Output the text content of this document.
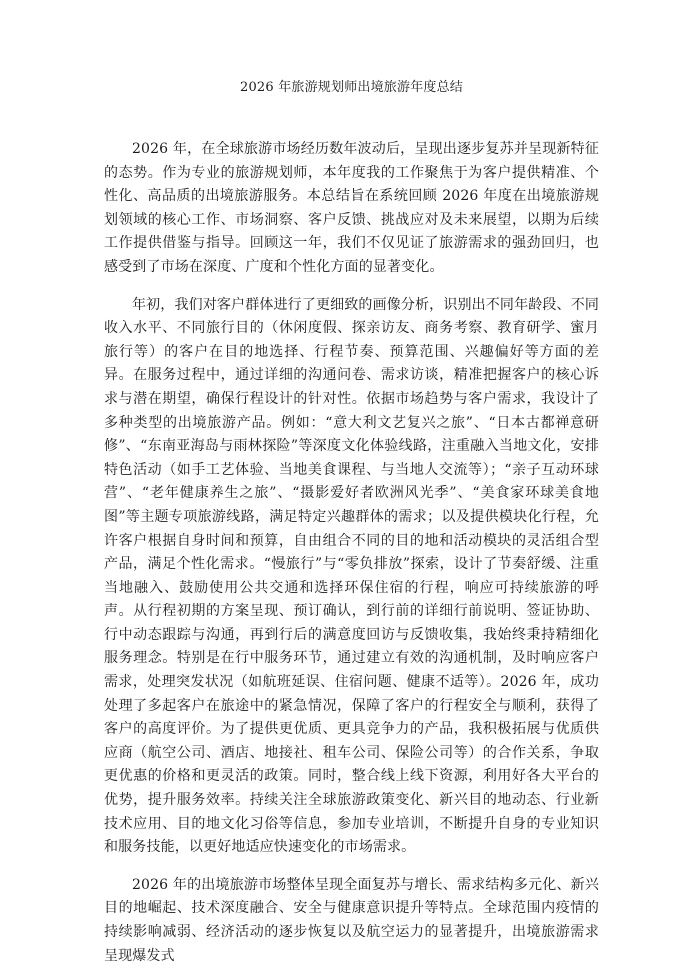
2026 年旅游规划师出境旅游年度总结

2026 年，在全球旅游市场经历数年波动后，呈现出逐步复苏并呈现新特征的态势。作为专业的旅游规划师，本年度我的工作聚焦于为客户提供精准、个性化、高品质的出境旅游服务。本总结旨在系统回顾 2026 年度在出境旅游规划领域的核心工作、市场洞察、客户反馈、挑战应对及未来展望，以期为后续工作提供借鉴与指导。回顾这一年，我们不仅见证了旅游需求的强劲回归，也感受到了市场在深度、广度和个性化方面的显著变化。

年初，我们对客户群体进行了更细致的画像分析，识别出不同年龄段、不同收入水平、不同旅行目的（休闲度假、探亲访友、商务考察、教育研学、蜜月旅行等）的客户在目的地选择、行程节奏、预算范围、兴趣偏好等方面的差异。在服务过程中，通过详细的沟通问卷、需求访谈，精准把握客户的核心诉求与潜在期望，确保行程设计的针对性。依据市场趋势与客户需求，我设计了多种类型的出境旅游产品。例如：“意大利文艺复兴之旅”、“日本古都禅意研修”、“东南亚海岛与雨林探险”等深度文化体验线路，注重融入当地文化，安排特色活动（如手工艺体验、当地美食课程、与当地人交流等）；“亲子互动环球营”、“老年健康养生之旅”、“摄影爱好者欧洲风光季”、“美食家环球美食地图”等主题专项旅游线路，满足特定兴趣群体的需求；以及提供模块化行程，允许客户根据自身时间和预算，自由组合不同的目的地和活动模块的灵活组合型产品，满足个性化需求。“慢旅行”与“零负排放”探索，设计了节奏舒缓、注重当地融入、鼓励使用公共交通和选择环保住宿的行程，响应可持续旅游的呼声。从行程初期的方案呈现、预订确认，到行前的详细行前说明、签证协助、行中动态跟踪与沟通，再到行后的满意度回访与反馈收集，我始终秉持精细化服务理念。特别是在行中服务环节，通过建立有效的沟通机制，及时响应客户需求，处理突发状况（如航班延误、住宿问题、健康不适等）。2026 年，成功处理了多起客户在旅途中的紧急情况，保障了客户的行程安全与顺利，获得了客户的高度评价。为了提供更优质、更具竞争力的产品，我积极拓展与优质供应商（航空公司、酒店、地接社、租车公司、保险公司等）的合作关系，争取更优惠的价格和更灵活的政策。同时，整合线上线下资源，利用好各大平台的优势，提升服务效率。持续关注全球旅游政策变化、新兴目的地动态、行业新技术应用、目的地文化习俗等信息，参加专业培训，不断提升自身的专业知识和服务技能，以更好地适应快速变化的市场需求。

2026 年的出境旅游市场整体呈现全面复苏与增长、需求结构多元化、新兴目的地崛起、技术深度融合、安全与健康意识提升等特点。全球范围内疫情的持续影响减弱、经济活动的逐步恢复以及航空运力的显著提升，出境旅游需求呈现爆发式
